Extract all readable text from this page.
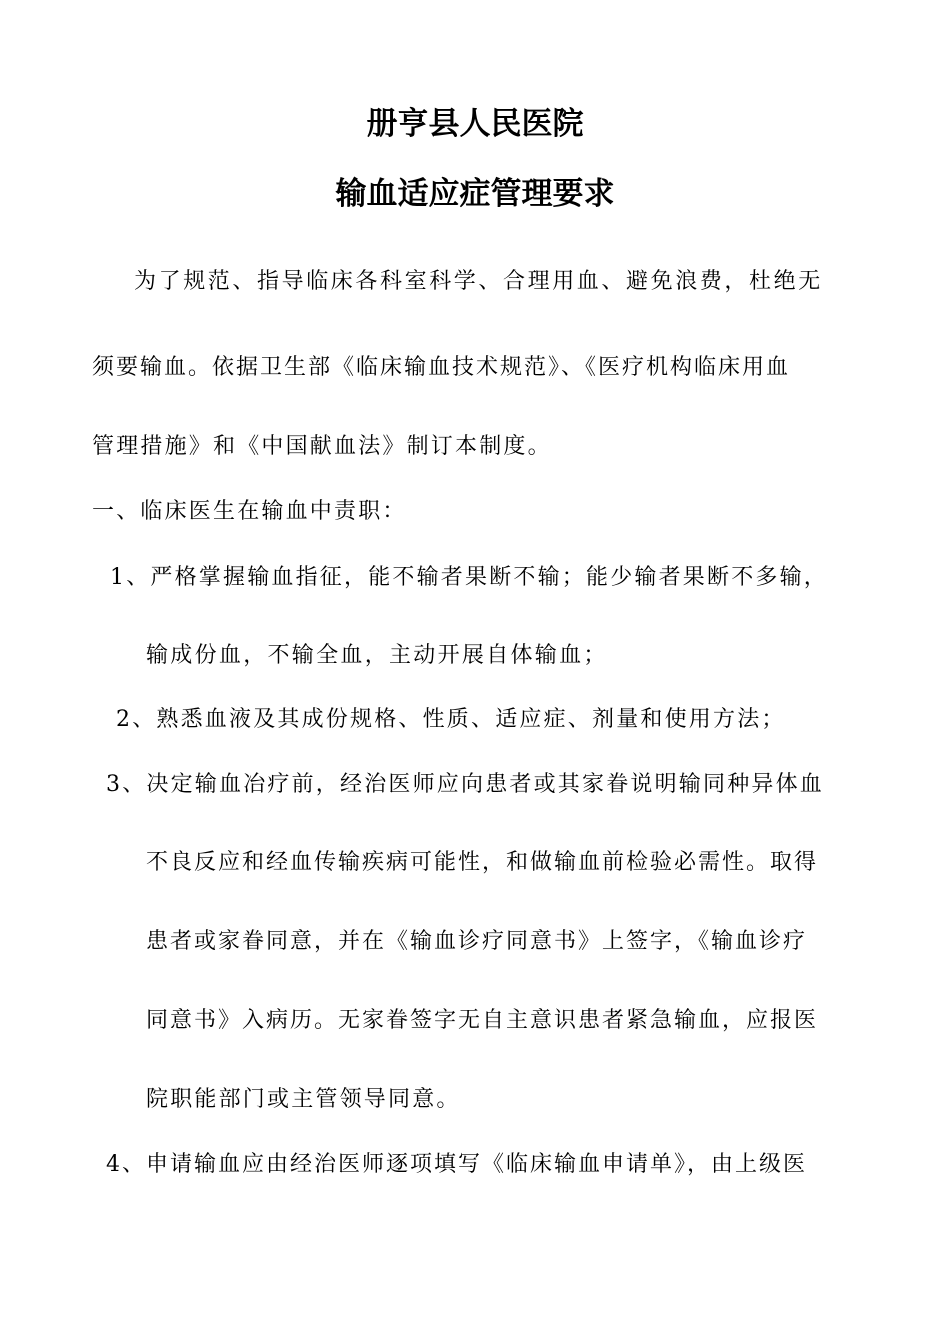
册亨县人民医院
输血适应症管理要求
为了规范、指导临床各科室科学、合理用血、避免浪费，杜绝无
须要输血。依据卫生部《临床输血技术规范》、《医疗机构临床用血
管理措施》和《中国献血法》制订本制度。
一、临床医生在输血中责职：
1、严格掌握输血指征，能不输者果断不输；能少输者果断不多输，
输成份血，不输全血，主动开展自体输血；
2、熟悉血液及其成份规格、性质、适应症、剂量和使用方法；
3、决定输血冶疗前，经治医师应向患者或其家眷说明输同种异体血
不良反应和经血传输疾病可能性，和做输血前检验必需性。取得
患者或家眷同意，并在《输血诊疗同意书》上签字，《输血诊疗
同意书》入病历。无家眷签字无自主意识患者紧急输血，应报医
院职能部门或主管领导同意。
4、申请输血应由经治医师逐项填写《临床输血申请单》，由上级医
